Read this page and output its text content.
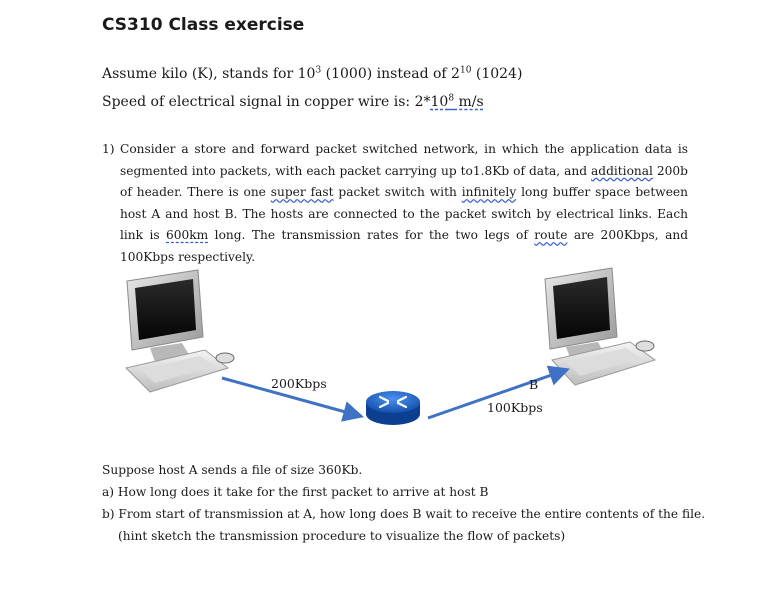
CS310 Class exercise
Assume kilo (K), stands for $10^3$ (1000) instead of $2^{10}$ (1024)
Speed of electrical signal in copper wire is: $2*10^8$ m/s
1) Consider a store and forward packet switched network, in which the application data is segmented into packets, with each packet carrying up to1.8Kb of data, and additional 200b of header. There is one super fast packet switch with infinitely long buffer space between host A and host B. The hosts are connected to the packet switch by electrical links. Each link is 600km long. The transmission rates for the two legs of route are 200Kbps, and 100Kbps respectively.
200Kbps	B
100Kbps
Suppose host A sends a file of size 360Kb.
a) How long does it take for the first packet to arrive at host B
b) From start of transmission at A, how long does B wait to receive the entire contents of the file.
(hint sketch the transmission procedure to visualize the flow of packets)
